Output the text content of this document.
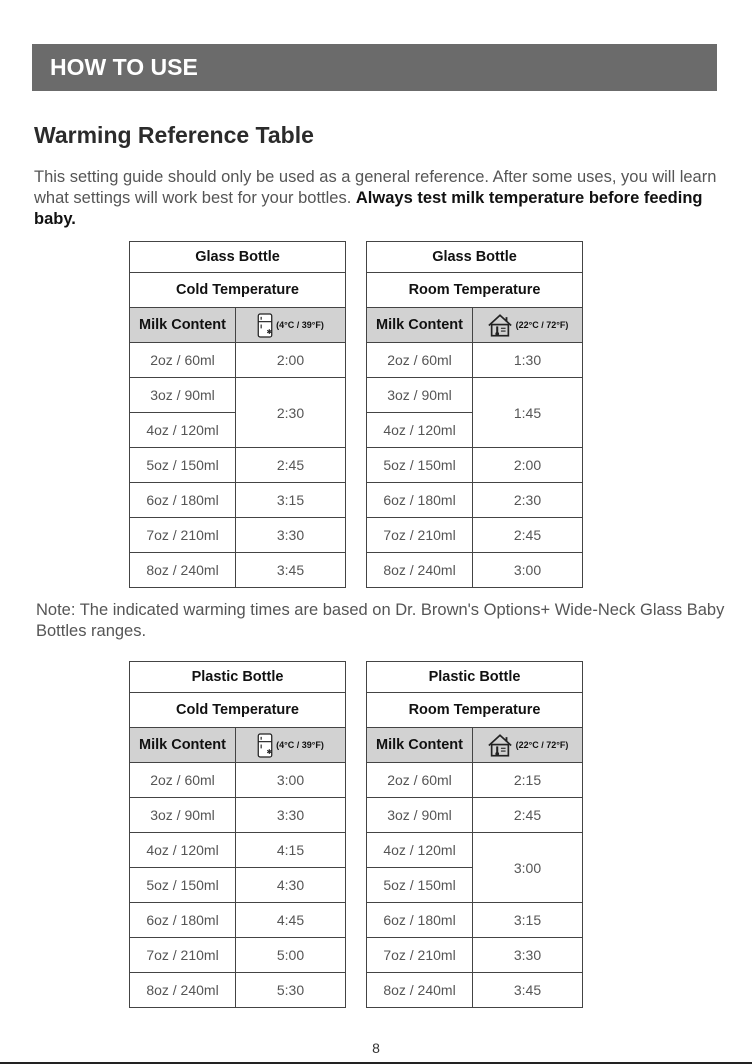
HOW TO USE
Warming Reference Table

This setting guide should only be used as a general reference. After some uses, you will learn what settings will work best for your bottles. Always test milk temperature before feeding baby.

Glass Bottle	
Cold Temperature	
Milk Content	(4°C / 39°F)

2oz / 60ml	2:00
3oz / 90ml	2:30
4oz / 120ml	
5oz / 150ml	2:45
6oz / 180ml	3:15
7oz / 210ml	3:30
8oz / 240ml	3:45
Glass Bottle	
Room Temperature	
Milk Content	(22°C / 72°F)

2oz / 60ml	1:30
3oz / 90ml	1:45
4oz / 120ml	
5oz / 150ml	2:00
6oz / 180ml	2:30
7oz / 210ml	2:45
8oz / 240ml	3:00

Note: The indicated warming times are based on Dr. Brown's Options+ Wide-Neck Glass Baby Bottles ranges.

Plastic Bottle	
Cold Temperature	
Milk Content	(4°C / 39°F)

2oz / 60ml	3:00
3oz / 90ml	3:30
4oz / 120ml	4:15
5oz / 150ml	4:30
6oz / 180ml	4:45
7oz / 210ml	5:00
8oz / 240ml	5:30
Plastic Bottle	
Room Temperature	
Milk Content	(22°C / 72°F)

2oz / 60ml	2:15
3oz / 90ml	2:45
4oz / 120ml	3:00
5oz / 150ml	
6oz / 180ml	3:15
7oz / 210ml	3:30
8oz / 240ml	3:45
8
